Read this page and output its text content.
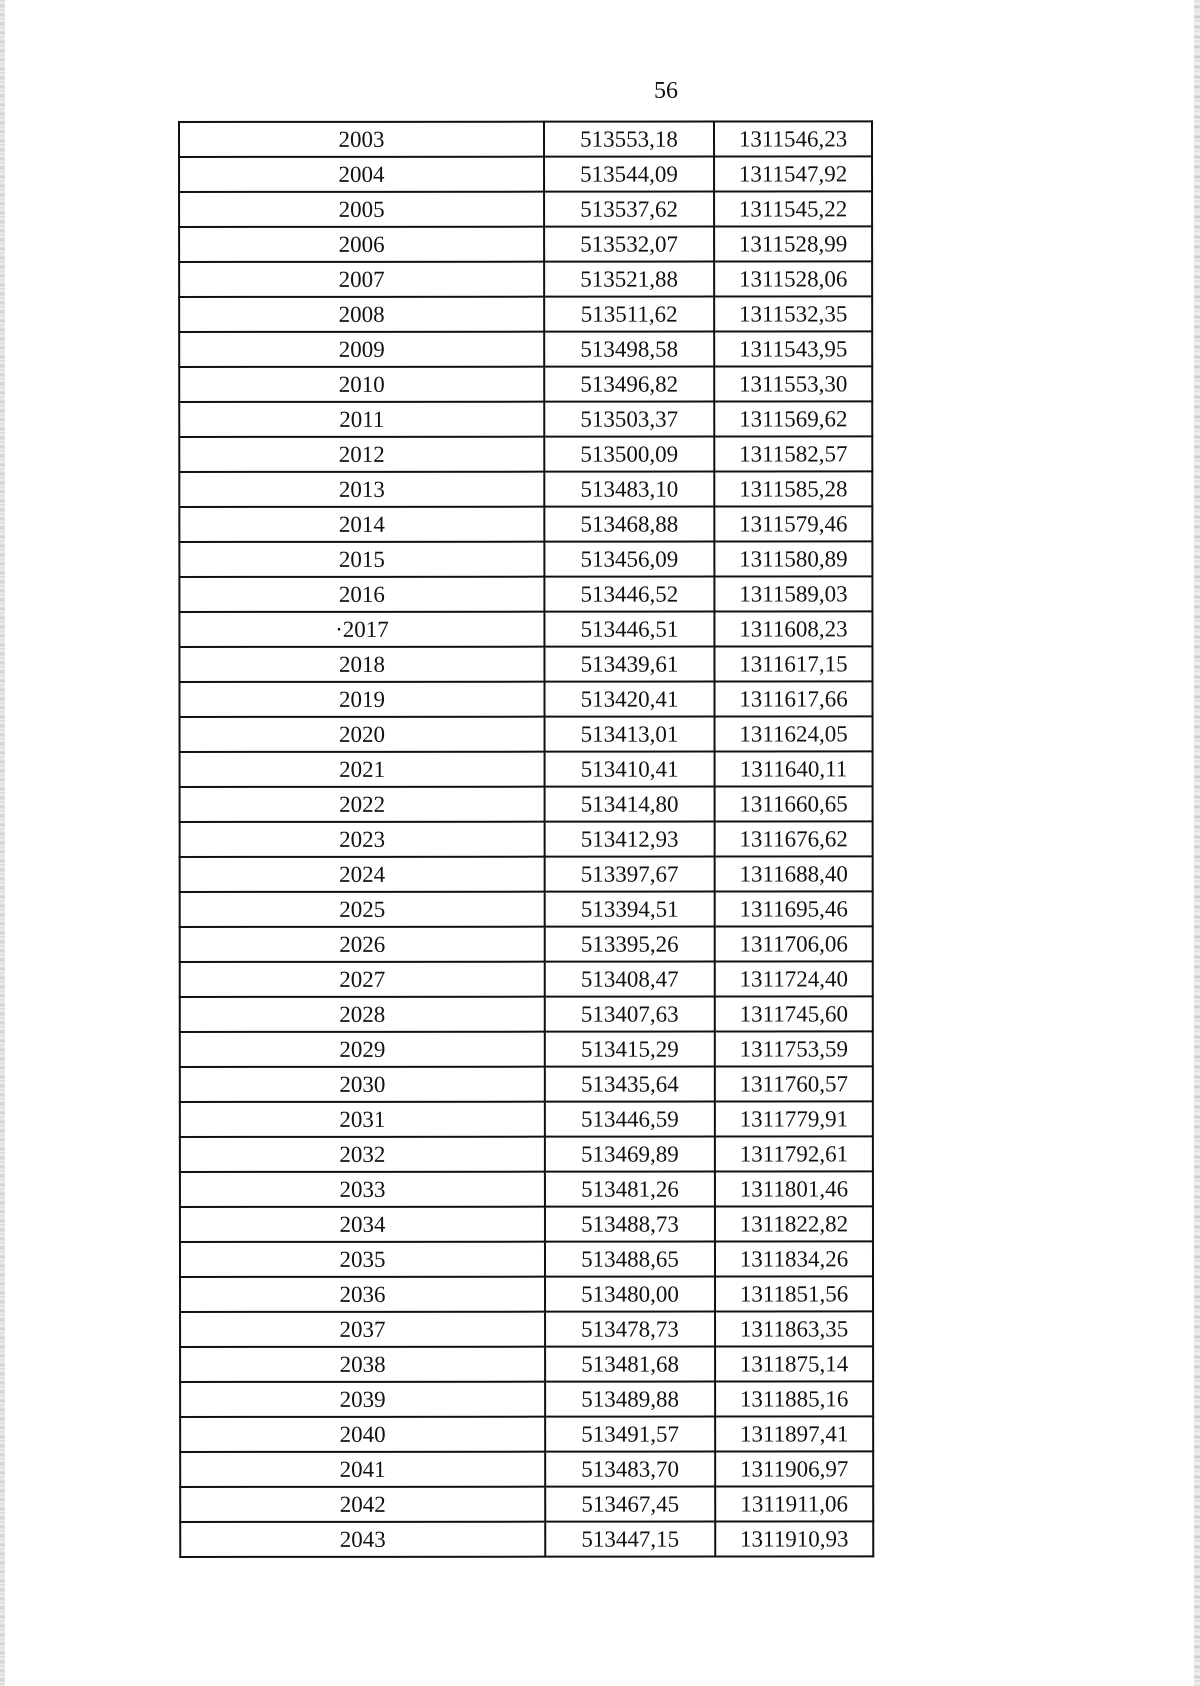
56
2003	513553,18	1311546,23
2004	513544,09	1311547,92
2005	513537,62	1311545,22
2006	513532,07	1311528,99
2007	513521,88	1311528,06
2008	513511,62	1311532,35
2009	513498,58	1311543,95
2010	513496,82	1311553,30
2011	513503,37	1311569,62
2012	513500,09	1311582,57
2013	513483,10	1311585,28
2014	513468,88	1311579,46
2015	513456,09	1311580,89
2016	513446,52	1311589,03
·2017	513446,51	1311608,23
2018	513439,61	1311617,15
2019	513420,41	1311617,66
2020	513413,01	1311624,05
2021	513410,41	1311640,11
2022	513414,80	1311660,65
2023	513412,93	1311676,62
2024	513397,67	1311688,40
2025	513394,51	1311695,46
2026	513395,26	1311706,06
2027	513408,47	1311724,40
2028	513407,63	1311745,60
2029	513415,29	1311753,59
2030	513435,64	1311760,57
2031	513446,59	1311779,91
2032	513469,89	1311792,61
2033	513481,26	1311801,46
2034	513488,73	1311822,82
2035	513488,65	1311834,26
2036	513480,00	1311851,56
2037	513478,73	1311863,35
2038	513481,68	1311875,14
2039	513489,88	1311885,16
2040	513491,57	1311897,41
2041	513483,70	1311906,97
2042	513467,45	1311911,06
2043	513447,15	1311910,93
